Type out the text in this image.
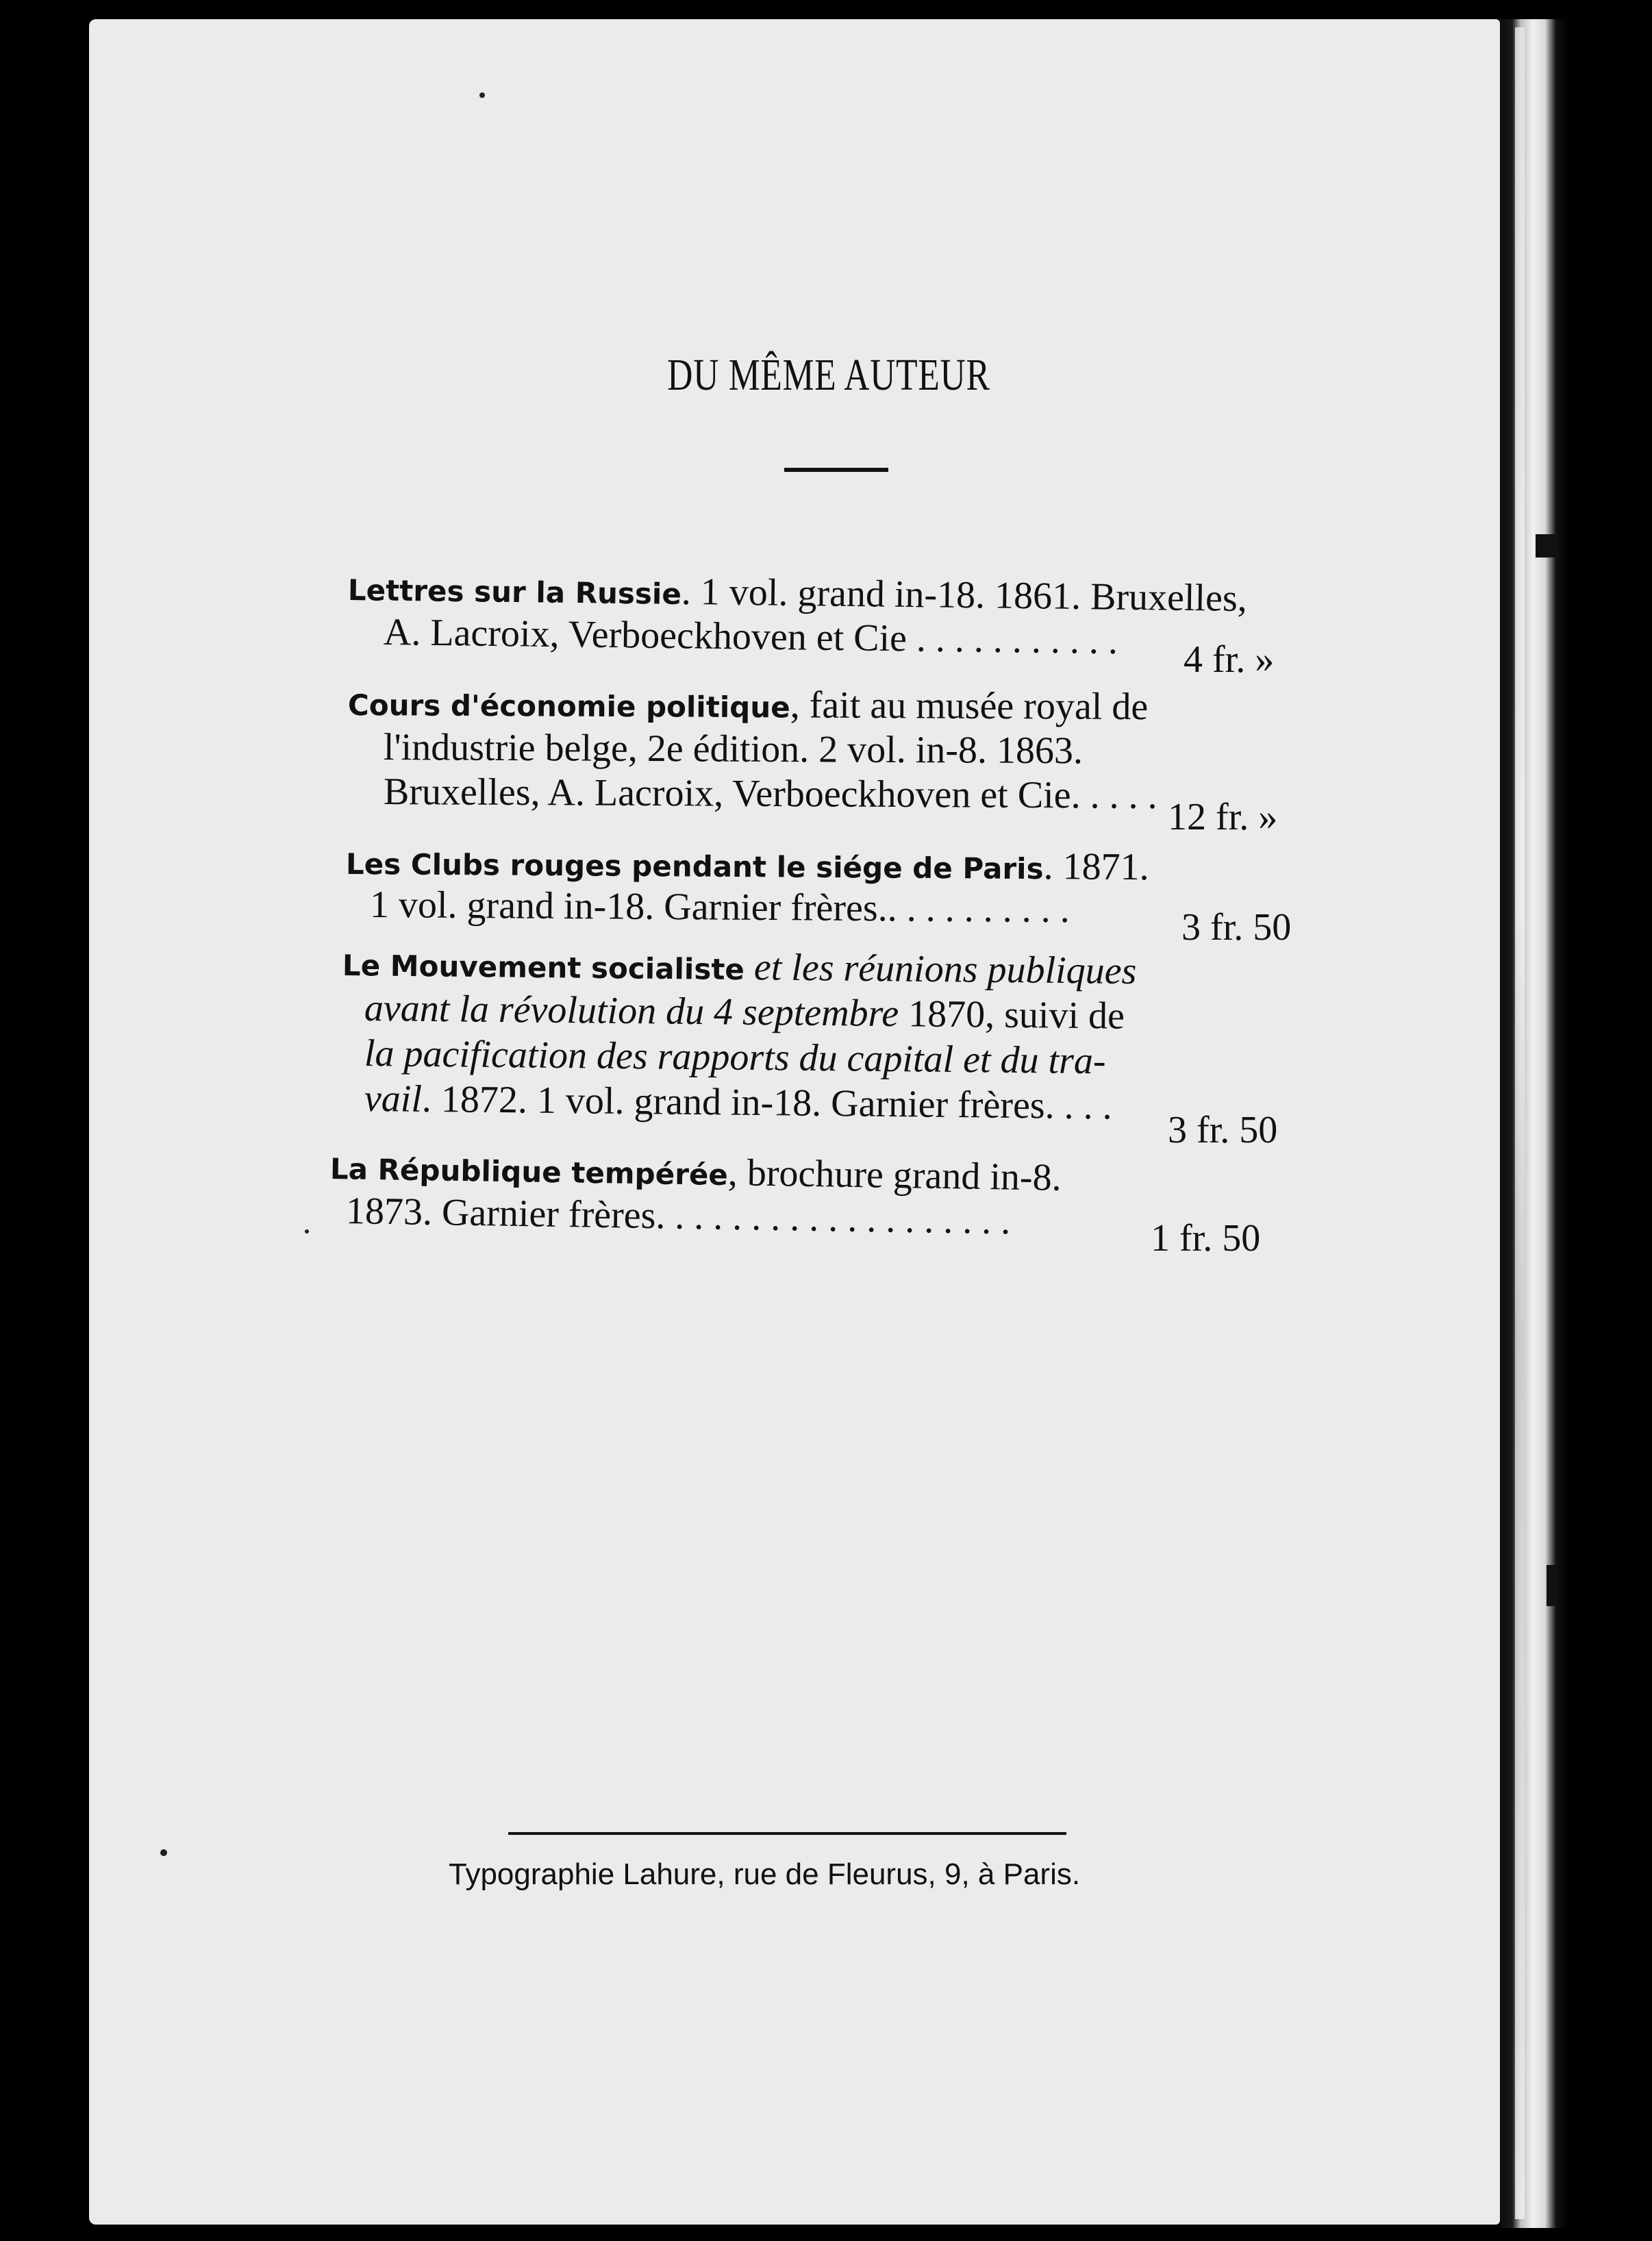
DU MÊME AUTEUR
Lettres sur la Russie. 1 vol. grand in-18. 1861. Bruxelles,
A. Lacroix, Verboeckhoven et Cie . . . . . . . . . . . 4 fr. »
Cours d'économie politique, fait au musée royal de
l'industrie belge, 2e édition. 2 vol. in-8. 1863.
Bruxelles, A. Lacroix, Verboeckhoven et Cie. . . . .
12 fr. »
Les Clubs rouges pendant le siége de Paris. 1871.
1 vol. grand in-18. Garnier frères.. . . . . . . . . .	3 fr. 50
Le Mouvement socialiste et les réunions publiques
avant la révolution du 4 septembre 1870, suivi de
la pacification des rapports du capital et du tra-
vail. 1872. 1 vol. grand in-18. Garnier frères. . . .
3 fr. 50
La République tempérée, brochure grand in-8.
1873. Garnier frères. . . . . . . . . . . . . . . . . . .	1 fr. 50
Typographie Lahure, rue de Fleurus, 9, à Paris.
